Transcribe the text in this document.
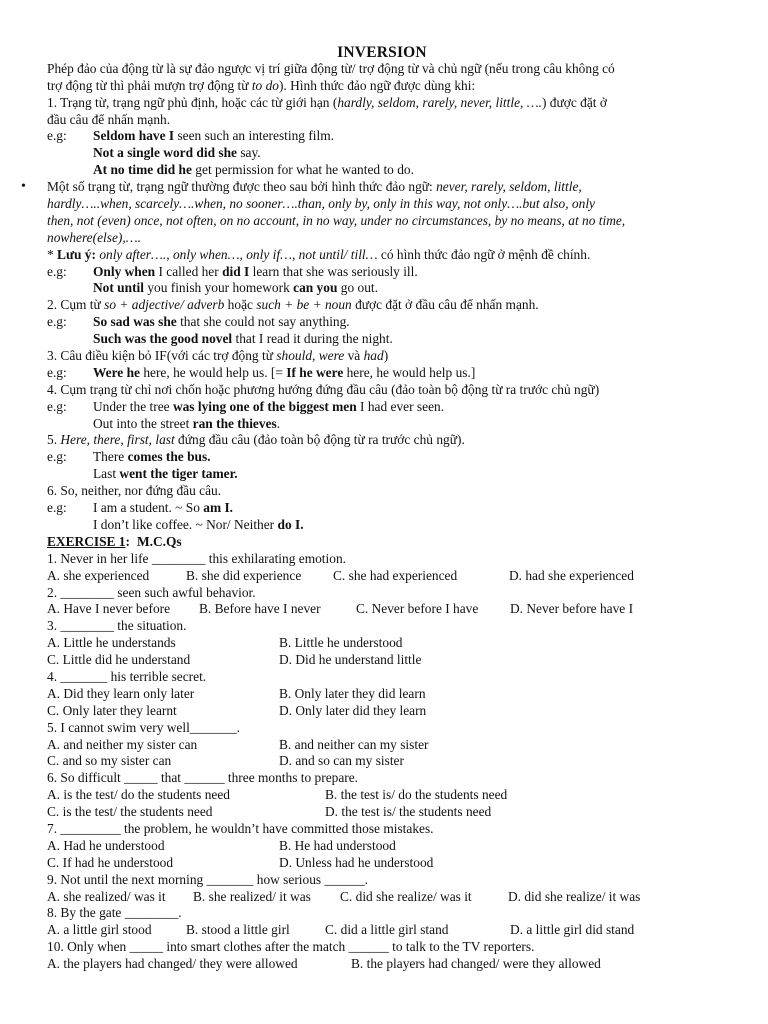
INVERSION
Phép đảo của động từ là sự đảo ngược vị trí giữa động từ/ trợ động từ và chủ ngữ (nếu trong câu không có
trợ động từ thì phải mượn trợ động từ to do). Hình thức đảo ngữ được dùng khi:
1. Trạng từ, trạng ngữ phủ định, hoặc các từ giới hạn (hardly, seldom, rarely, never, little, ….) được đặt ở
đầu câu để nhấn mạnh.
e.g: Seldom have I seen such an interesting film.
Not a single word did she say.
At no time did he get permission for what he wanted to do.
• Một số trạng từ, trạng ngữ thường được theo sau bởi hình thức đảo ngữ: never, rarely, seldom, little,
hardly…..when, scarcely….when, no sooner….than, only by, only in this way, not only….but also, only
then, not (even) once, not often, on no account, in no way, under no circumstances, by no means, at no time,
nowhere(else),….
* Lưu ý: only after…., only when…, only if…, not until/ till… có hình thức đảo ngữ ở mệnh đề chính.
e.g: Only when I called her did I learn that she was seriously ill.
Not until you finish your homework can you go out.
2. Cụm từ so + adjective/ adverb hoặc such + be + noun được đặt ở đầu câu để nhấn mạnh.
e.g: So sad was she that she could not say anything.
Such was the good novel that I read it during the night.
3. Câu điều kiện bỏ IF(với các trợ động từ should, were và had)
e.g: Were he here, he would help us. [= If he were here, he would help us.]
4. Cụm trạng từ chỉ nơi chốn hoặc phương hướng đứng đầu câu (đảo toàn bộ động từ ra trước chủ ngữ)
e.g: Under the tree was lying one of the biggest men I had ever seen.
Out into the street ran the thieves.
5. Here, there, first, last đứng đầu câu (đảo toàn bộ động từ ra trước chủ ngữ).
e.g: There comes the bus.
Last went the tiger tamer.
6. So, neither, nor đứng đầu câu.
e.g: I am a student. ~ So am I.
I don’t like coffee. ~ Nor/ Neither do I.
EXERCISE 1: M.C.Qs
1. Never in her life ________ this exhilarating emotion.
A. she experienced	B. she did experience	C. she had experienced	D. had she experienced
2. ________ seen such awful behavior.
A. Have I never before	B. Before have I never	C. Never before I have	D. Never before have I
3. ________ the situation.
A. Little he understands	B. Little he understood
C. Little did he understand	D. Did he understand little
4. _______ his terrible secret.
A. Did they learn only later	B. Only later they did learn
C. Only later they learnt	D. Only later did they learn
5. I cannot swim very well_______.
A. and neither my sister can	B. and neither can my sister
C. and so my sister can	D. and so can my sister
6. So difficult _____ that ______ three months to prepare.
A. is the test/ do the students need	B. the test is/ do the students need
C. is the test/ the students need	D. the test is/ the students need
7. _________ the problem, he wouldn’t have committed those mistakes.
A. Had he understood	B. He had understood
C. If had he understood	D. Unless had he understood
9. Not until the next morning _______ how serious ______.
A. she realized/ was it	B. she realized/ it was	C. did she realize/ was it	D. did she realize/ it was
8. By the gate ________.
A. a little girl stood	B. stood a little girl	C. did a little girl stand	D. a little girl did stand
10. Only when _____ into smart clothes after the match ______ to talk to the TV reporters.
A. the players had changed/ they were allowed	B. the players had changed/ were they allowed
